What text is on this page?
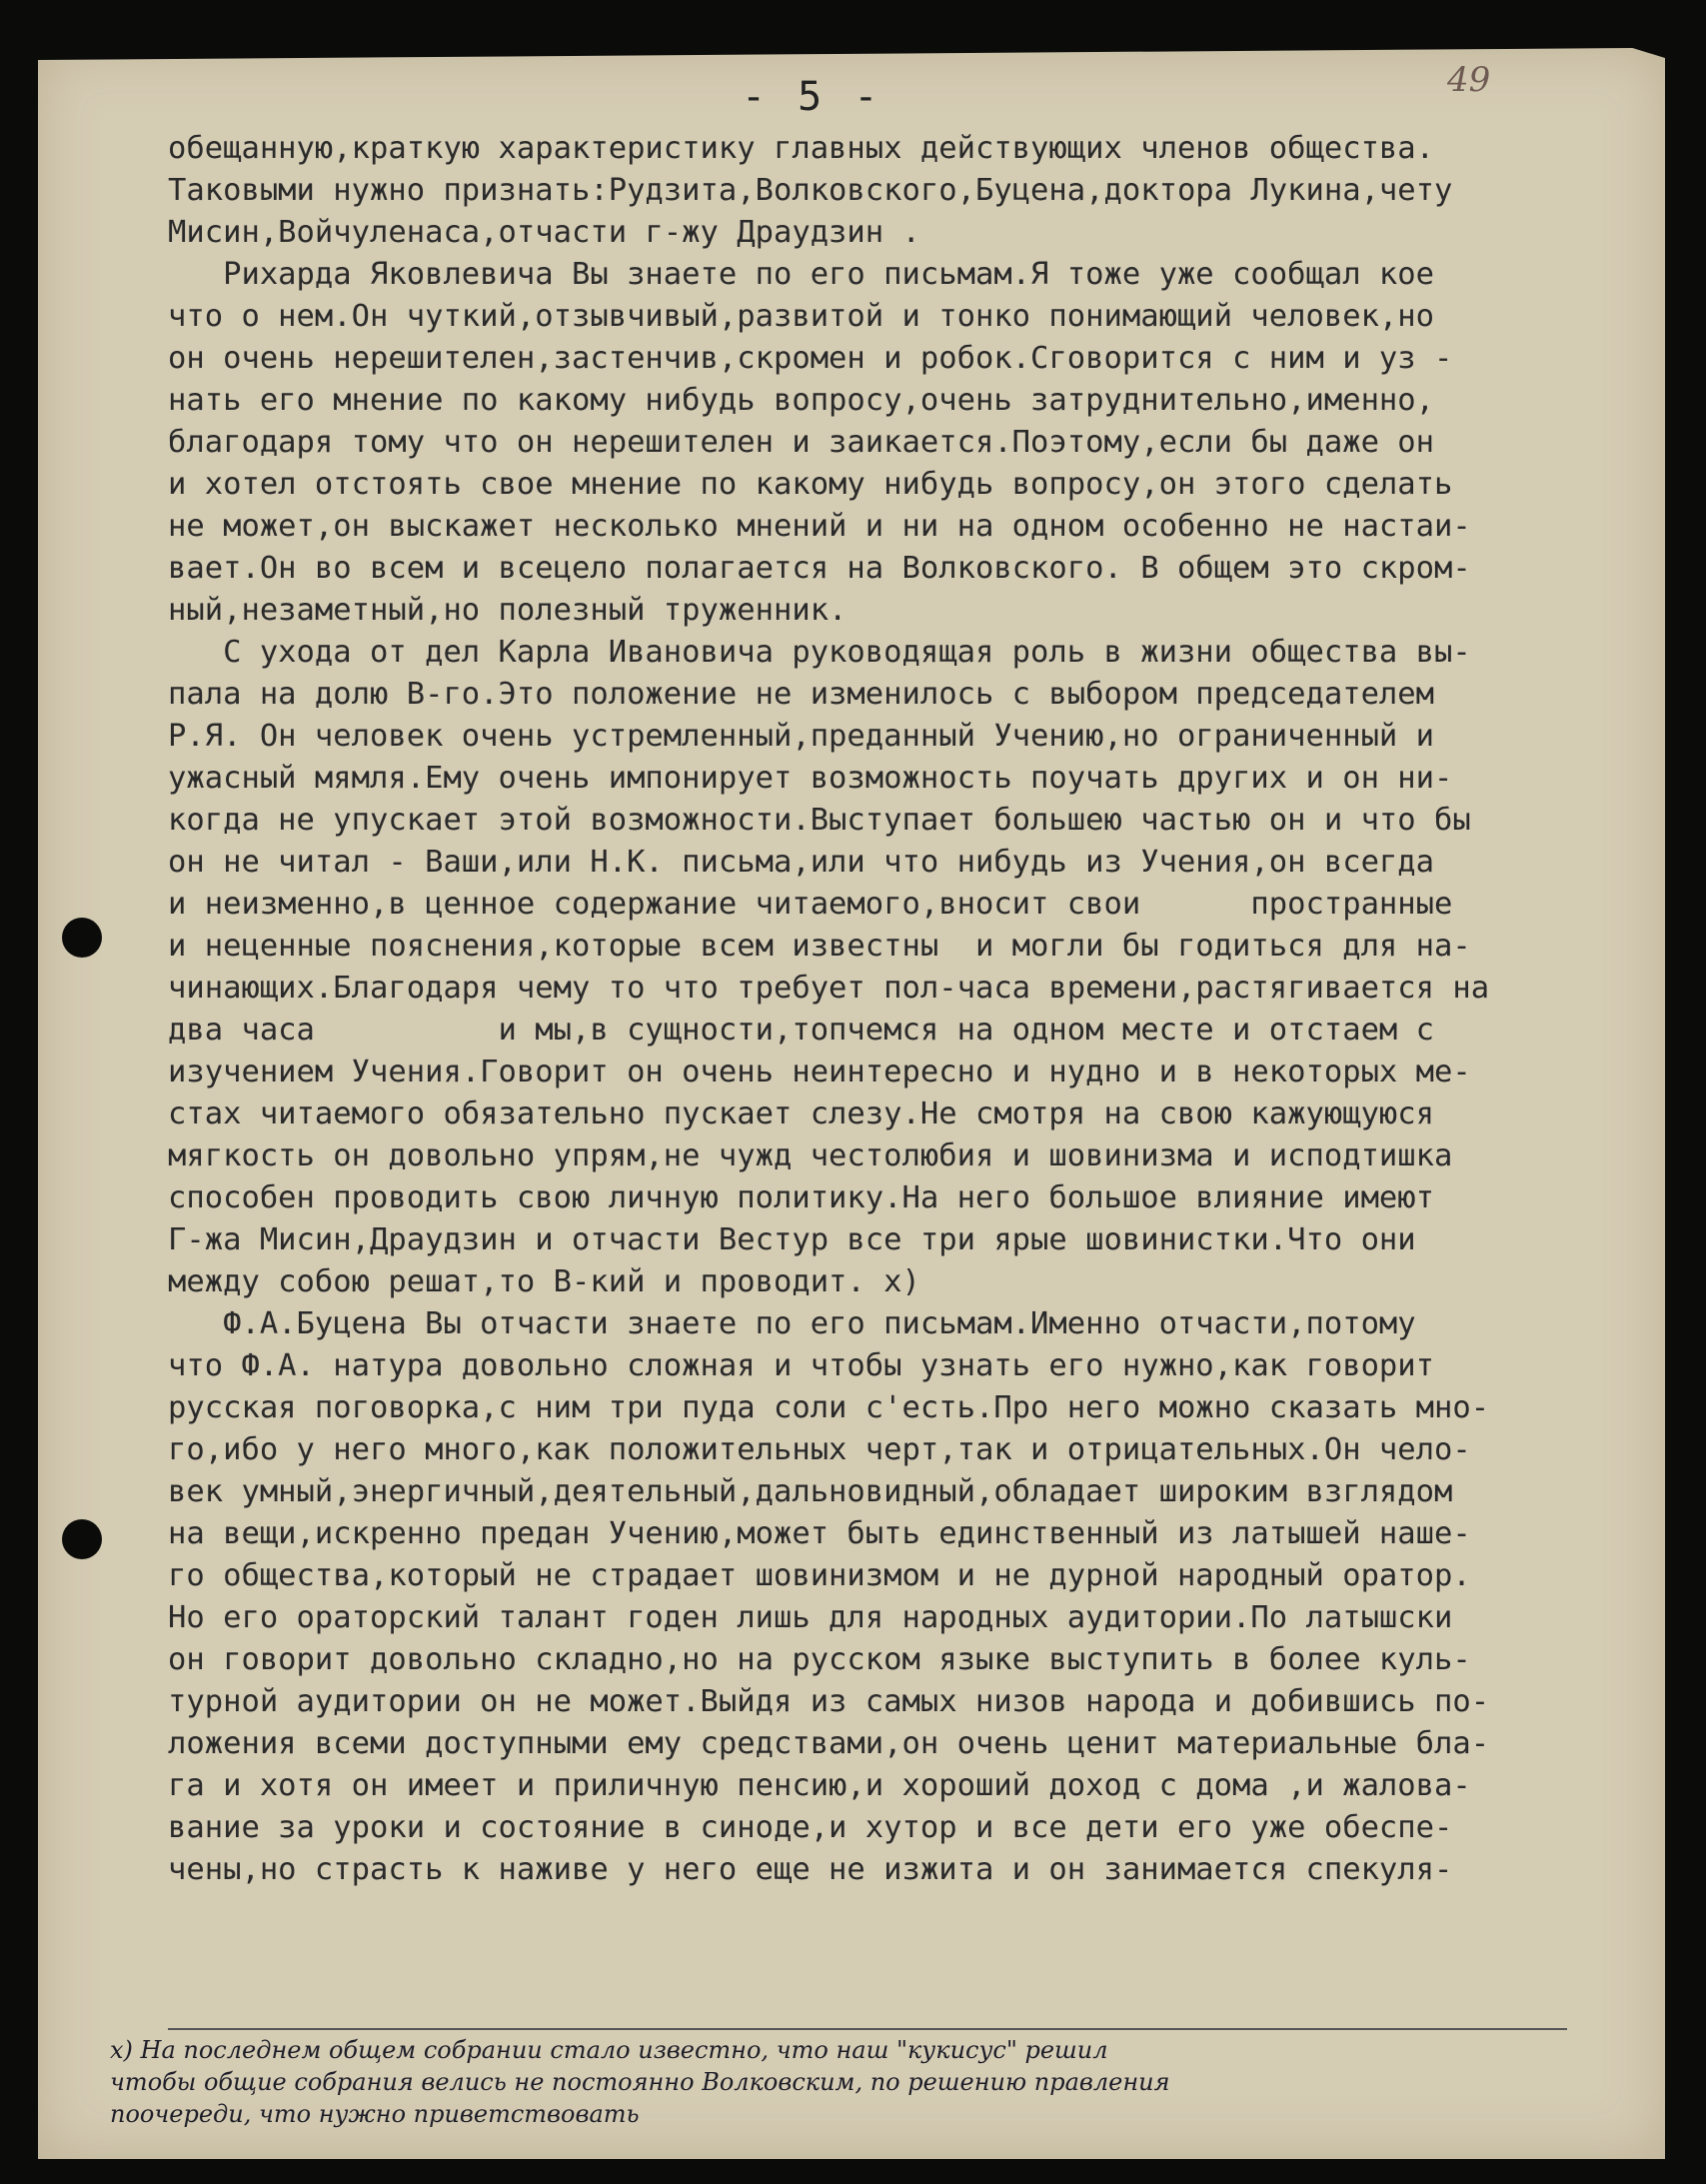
- 5 -	49
обещанную,краткую характеристику главных действующих членов общества.
Таковыми нужно признать:Рудзита,Волковского,Буцена,доктора Лукина,чету
Мисин,Войчуленаса,отчасти г-жу Драудзин .
Рихарда Яковлевича Вы знаете по его письмам.Я тоже уже сообщал кое
что о нем.Он чуткий,отзывчивый,развитой и тонко понимающий человек,но
он очень нерешителен,застенчив,скромен и робок.Сговорится с ним и уз -
нать его мнение по какому нибудь вопросу,очень затруднительно,именно,
благодаря тому что он нерешителен и заикается.Поэтому,если бы даже он
и хотел отстоять свое мнение по какому нибудь вопросу,он этого сделать
не может,он выскажет несколько мнений и ни на одном особенно не настаи-
вает.Он во всем и всецело полагается на Волковского. В общем это скром-
ный,незаметный,но полезный труженник.
С ухода от дел Карла Ивановича руководящая роль в жизни общества вы-
пала на долю В-го.Это положение не изменилось с выбором председателем
Р.Я. Он человек очень устремленный,преданный Учению,но ограниченный и
ужасный мямля.Ему очень импонирует возможность поучать других и он ни-
когда не упускает этой возможности.Выступает большею частью он и что бы
он не читал - Ваши,или Н.К. письма,или что нибудь из Учения,он всегда
и неизменно,в ценное содержание читаемого,вносит свои      пространные
и неценные пояснения,которые всем известны  и могли бы годиться для на-
чинающих.Благодаря чему то что требует пол-часа времени,растягивается на
два часа          и мы,в сущности,топчемся на одном месте и отстаем с
изучением Учения.Говорит он очень неинтересно и нудно и в некоторых ме-
стах читаемого обязательно пускает слезу.Не смотря на свою кажующуюся
мягкость он довольно упрям,не чужд честолюбия и шовинизма и исподтишка
способен проводить свою личную политику.На него большое влияние имеют
Г-жа Мисин,Драудзин и отчасти Вестур все три ярые шовинистки.Что они
между собою решат,то В-кий и проводит. x)
Ф.А.Буцена Вы отчасти знаете по его письмам.Именно отчасти,потому
что Ф.А. натура довольно сложная и чтобы узнать его нужно,как говорит
русская поговорка,с ним три пуда соли с'есть.Про него можно сказать мно-
го,ибо у него много,как положительных черт,так и отрицательных.Он чело-
век умный,энергичный,деятельный,дальновидный,обладает широким взглядом
на вещи,искренно предан Учению,может быть единственный из латышей наше-
го общества,который не страдает шовинизмом и не дурной народный оратор.
Но его ораторский талант годен лишь для народных аудитории.По латышски
он говорит довольно складно,но на русском языке выступить в более куль-
турной аудитории он не может.Выйдя из самых низов народа и добившись по-
ложения всеми доступными ему средствами,он очень ценит материальные бла-
га и хотя он имеет и приличную пенсию,и хороший доход с дома ,и жалова-
вание за уроки и состояние в синоде,и хутор и все дети его уже обеспе-
чены,но страсть к наживе у него еще не изжита и он занимается спекуля-
x) На последнем общем собрании стало известно, что наш "кукисус" решил
чтобы общие собрания велись не постоянно Волковским, по решению правления
поочереди, что нужно приветствовать
